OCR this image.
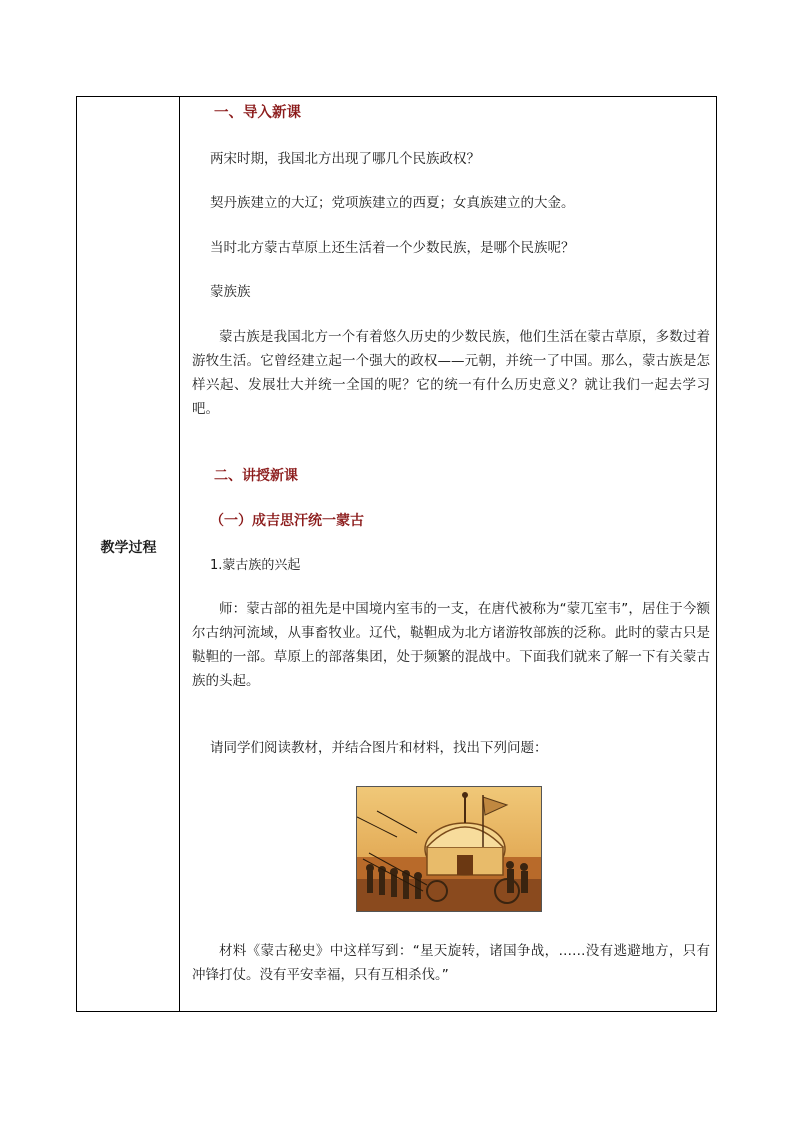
教学过程
一、导入新课
两宋时期，我国北方出现了哪几个民族政权？
契丹族建立的大辽；党项族建立的西夏；女真族建立的大金。
当时北方蒙古草原上还生活着一个少数民族，是哪个民族呢？
蒙族族
蒙古族是我国北方一个有着悠久历史的少数民族，他们生活在蒙古草原，多数过着游牧生活。它曾经建立起一个强大的政权——元朝，并统一了中国。那么，蒙古族是怎样兴起、发展壮大并统一全国的呢？它的统一有什么历史意义？就让我们一起去学习吧。
二、讲授新课
（一）成吉思汗统一蒙古
1.蒙古族的兴起
师：蒙古部的祖先是中国境内室韦的一支，在唐代被称为“蒙兀室韦”，居住于今额尔古纳河流域，从事畜牧业。辽代，鞑靼成为北方诸游牧部族的泛称。此时的蒙古只是鞑靼的一部。草原上的部落集团，处于频繁的混战中。下面我们就来了解一下有关蒙古族的头起。
请同学们阅读教材，并结合图片和材料，找出下列问题：
材料《蒙古秘史》中这样写到：“星天旋转，诸国争战，……没有逃避地方，只有冲锋打仗。没有平安幸福，只有互相杀伐。”
